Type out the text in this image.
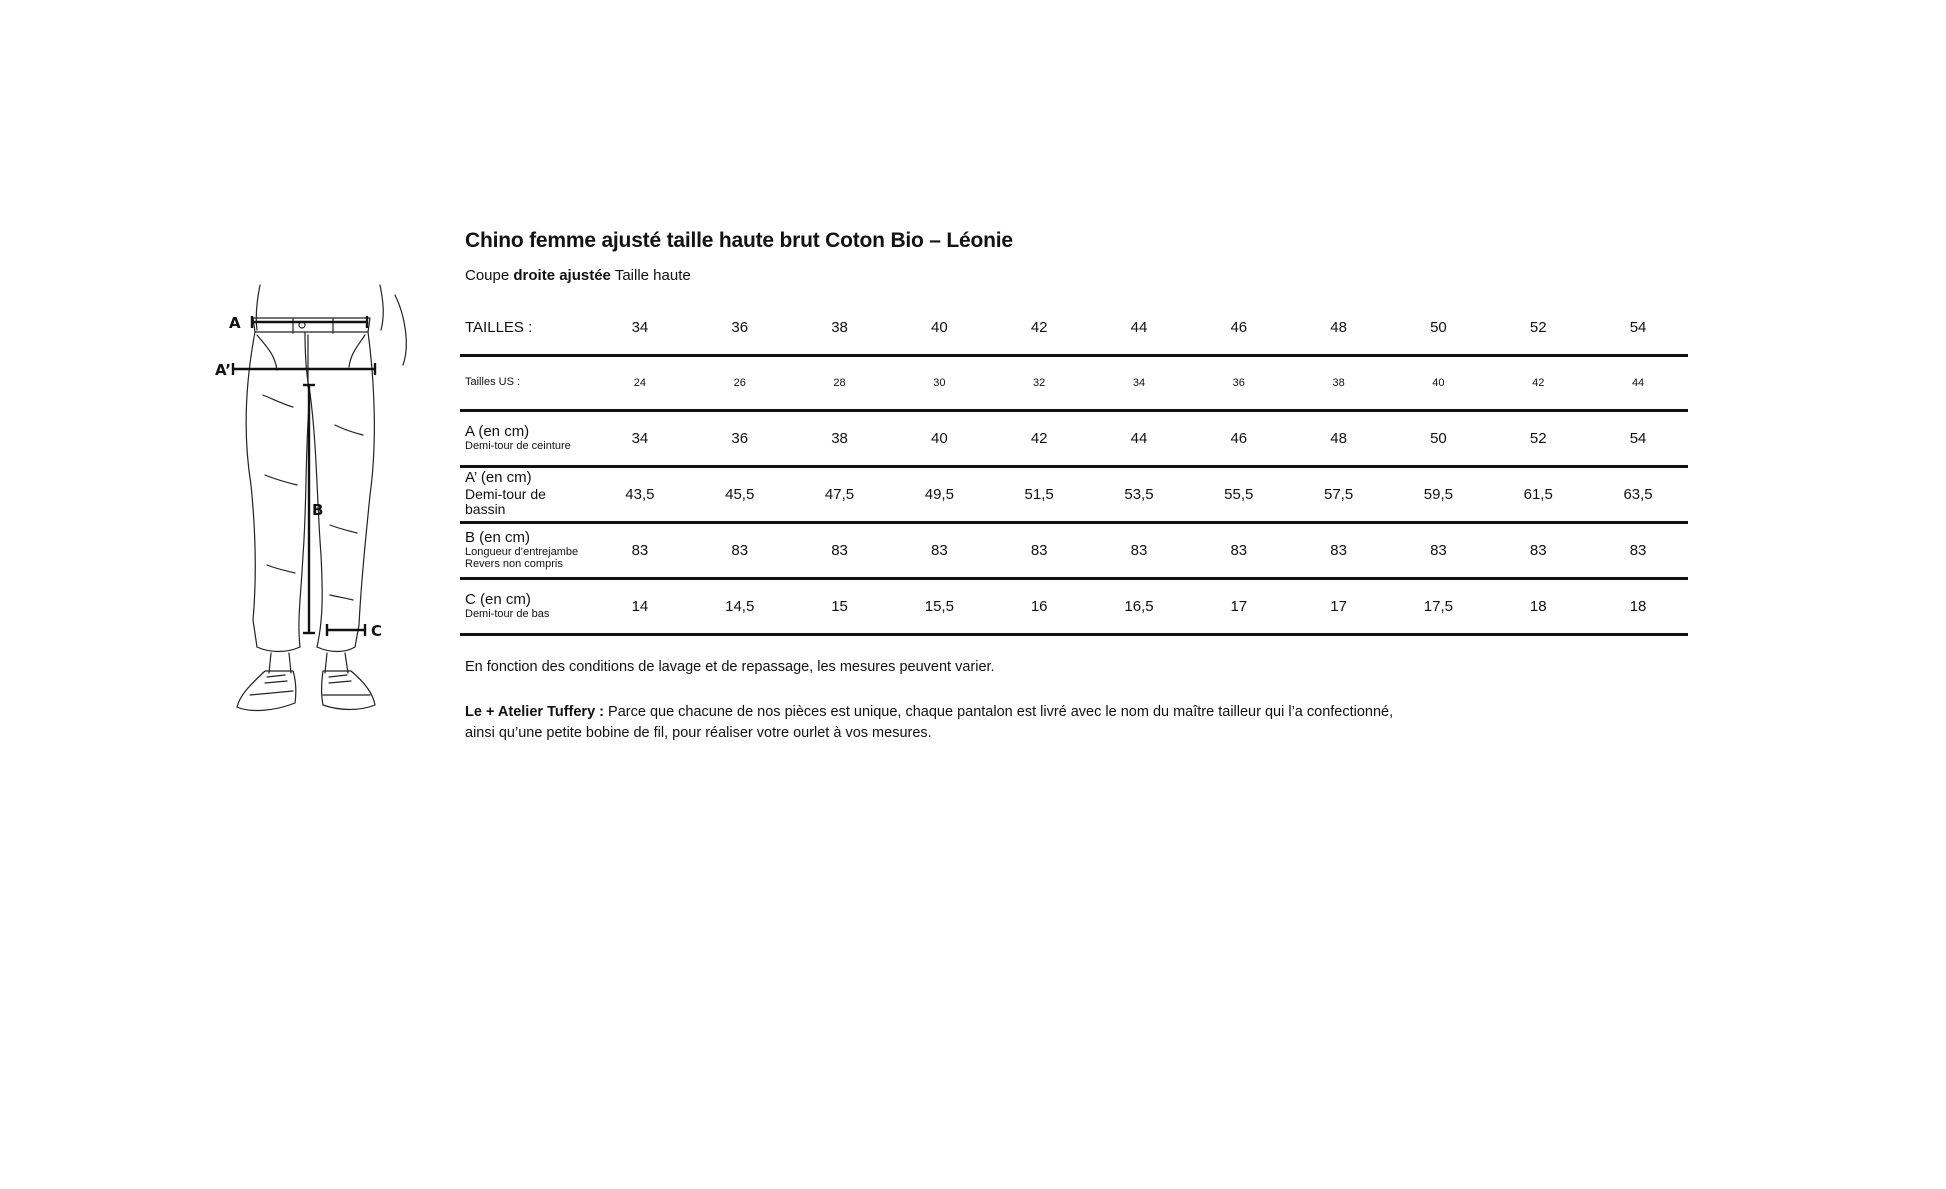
A
A’
B
C
Chino femme ajusté taille haute brut Coton Bio – Léonie
Coupe droite ajustée Taille haute
TAILLES :	34	36	38	40	42	44	46	48	50	52	54

Tailles US :	24	26	28	30	32	34	36	38	40	42	44

A (en cm)
Demi-tour de ceinture	34	36	38	40	42	44	46	48	50	52	54

A’ (en cm)
Demi-tour de bassin	43,5	45,5	47,5	49,5	51,5	53,5	55,5	57,5	59,5	61,5	63,5

B (en cm)
Longueur d’entrejambe
Revers non compris	83	83	83	83	83	83	83	83	83	83	83

C (en cm)
Demi-tour de bas	14	14,5	15	15,5	16	16,5	17	17	17,5	18	18
En fonction des conditions de lavage et de repassage, les mesures peuvent varier.
Le + Atelier Tuffery : Parce que chacune de nos pièces est unique, chaque pantalon est livré avec le nom du maître tailleur qui l’a confectionné, ainsi qu’une petite bobine de fil, pour réaliser votre ourlet à vos mesures.
